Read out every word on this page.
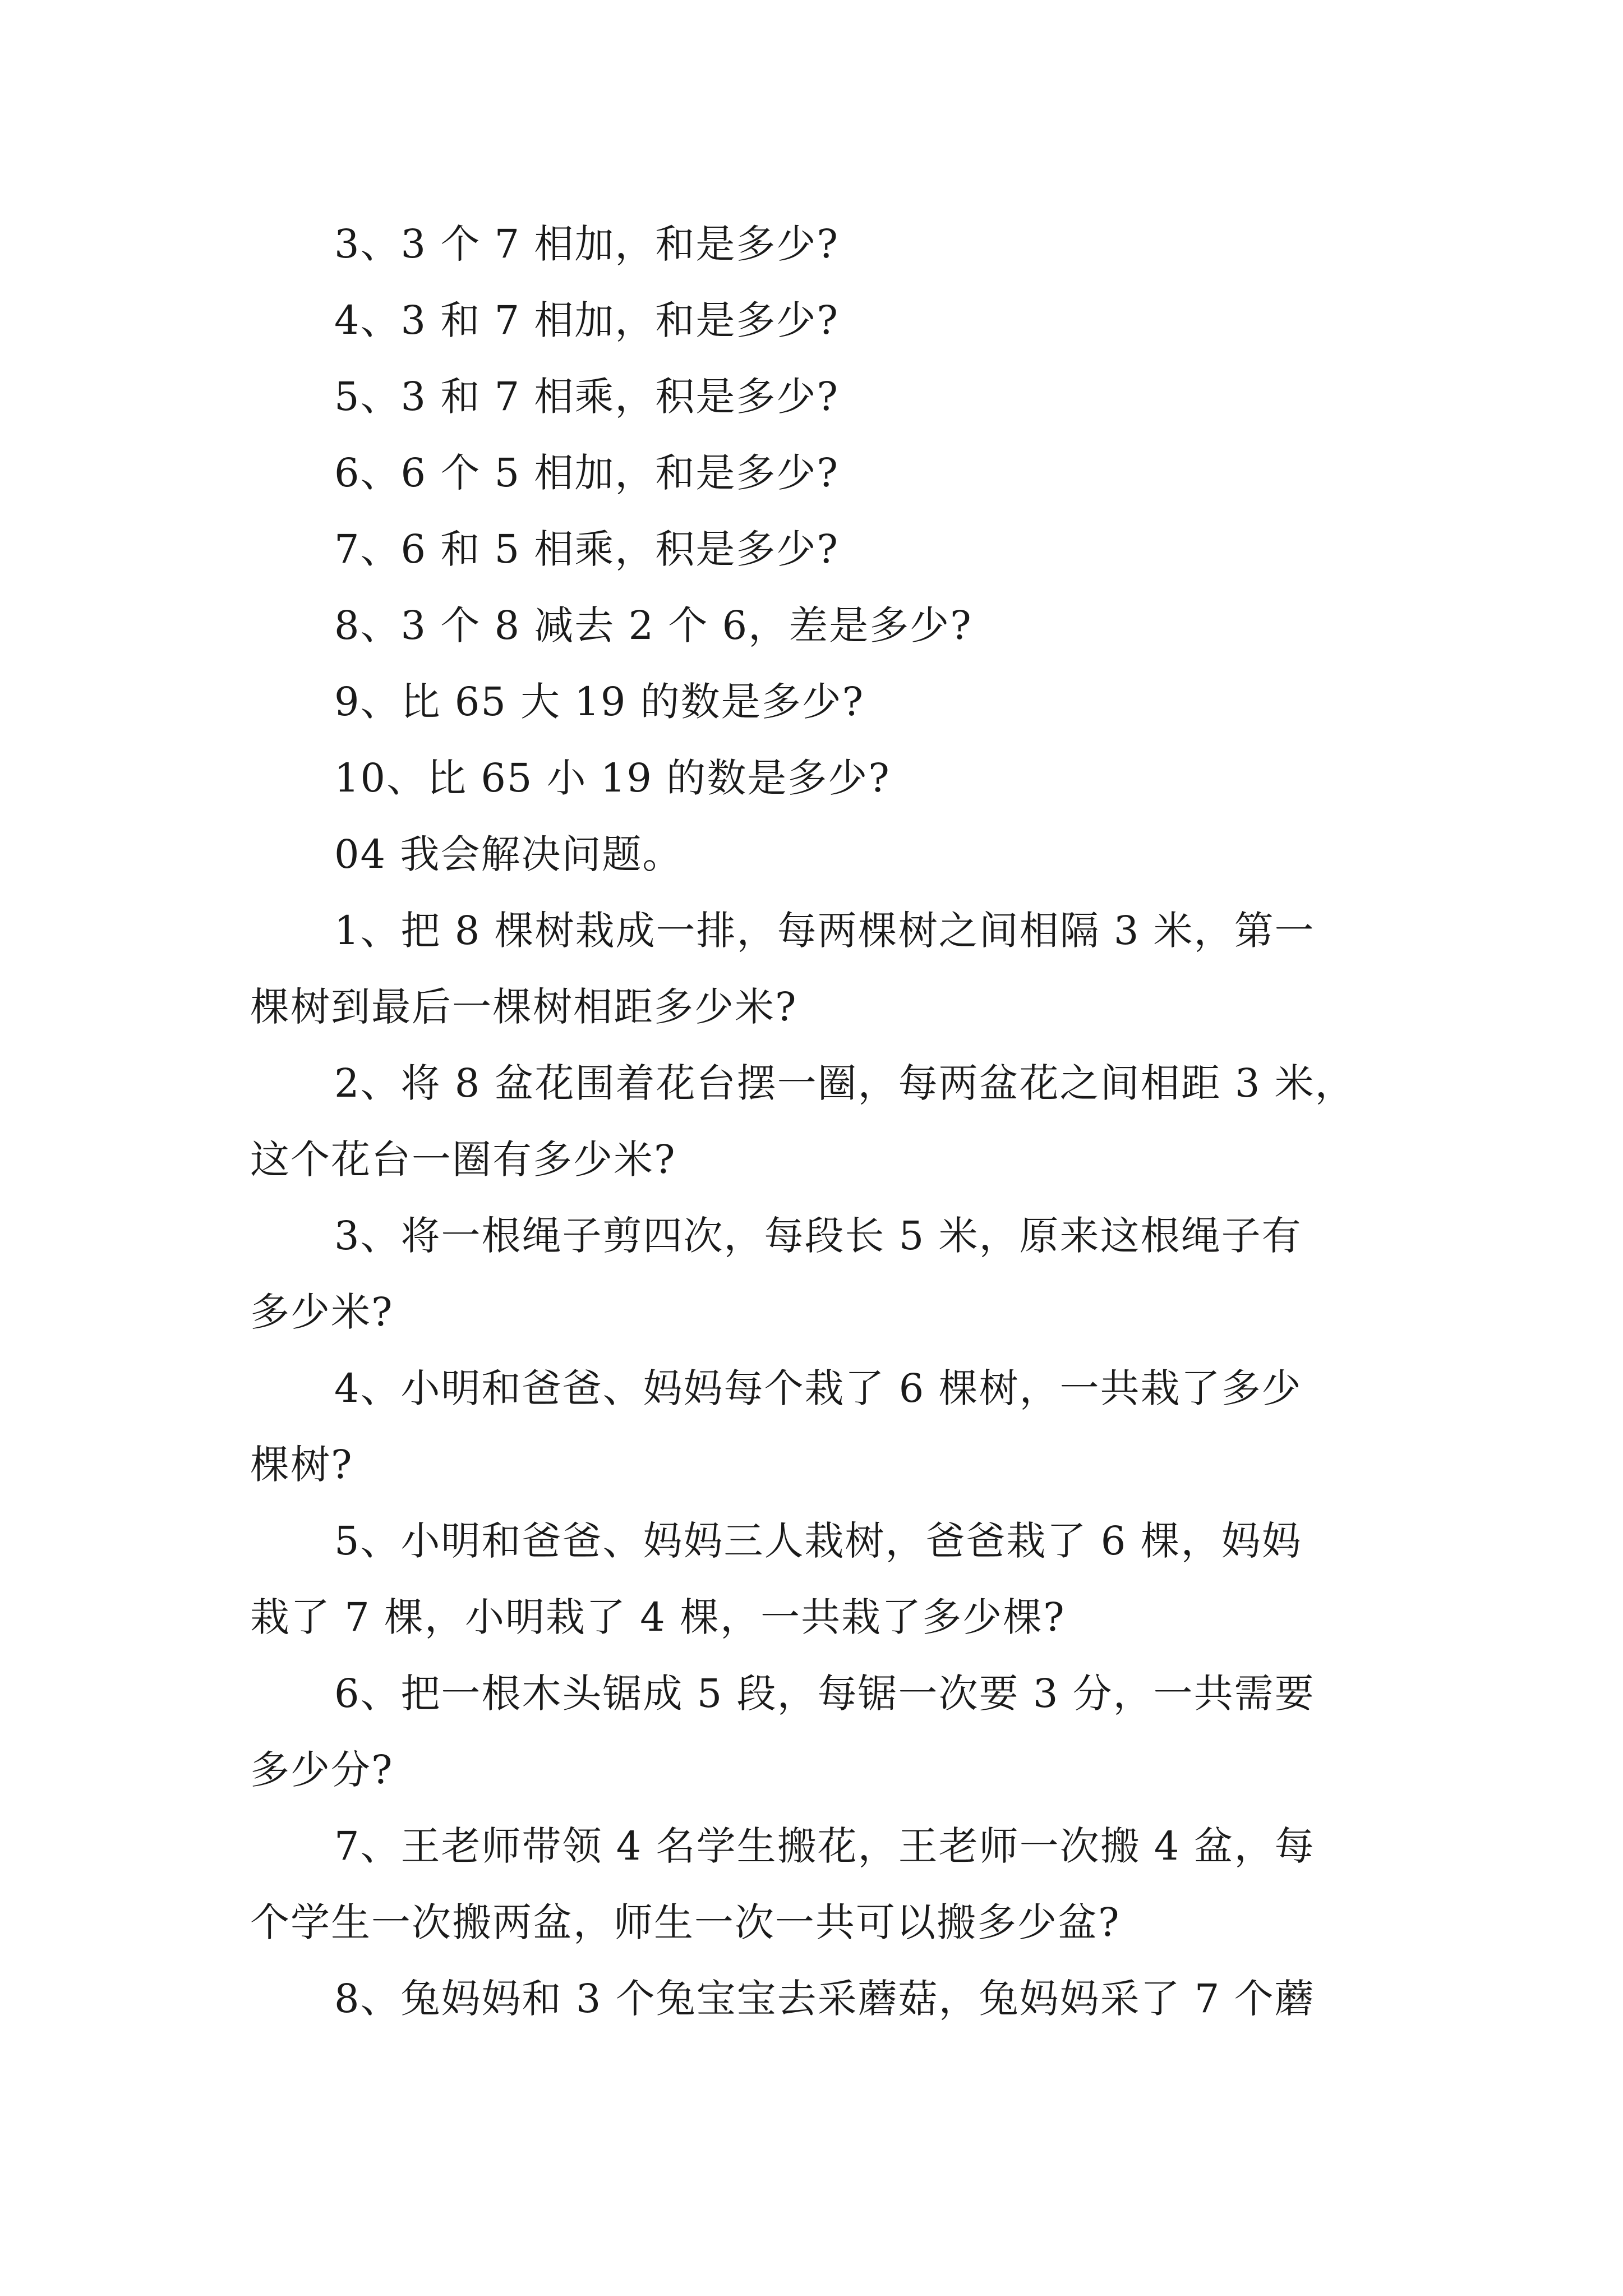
3、3 个 7 相加，和是多少?
4、3 和 7 相加，和是多少?
5、3 和 7 相乘，积是多少?
6、6 个 5 相加，和是多少?
7、6 和 5 相乘，积是多少?
8、3 个 8 减去 2 个 6，差是多少?
9、比 65 大 19 的数是多少?
10、比 65 小 19 的数是多少?
04 我会解决问题。
1、把 8 棵树栽成一排，每两棵树之间相隔 3 米，第一
棵树到最后一棵树相距多少米?
2、将 8 盆花围着花台摆一圈，每两盆花之间相距 3 米，
这个花台一圈有多少米?
3、将一根绳子剪四次，每段长 5 米，原来这根绳子有
多少米?
4、小明和爸爸、妈妈每个栽了 6 棵树，一共栽了多少
棵树?
5、小明和爸爸、妈妈三人栽树，爸爸栽了 6 棵，妈妈
栽了 7 棵，小明栽了 4 棵，一共栽了多少棵?
6、把一根木头锯成 5 段，每锯一次要 3 分，一共需要
多少分?
7、王老师带领 4 名学生搬花，王老师一次搬 4 盆，每
个学生一次搬两盆，师生一次一共可以搬多少盆?
8、兔妈妈和 3 个兔宝宝去采蘑菇，兔妈妈采了 7 个蘑
